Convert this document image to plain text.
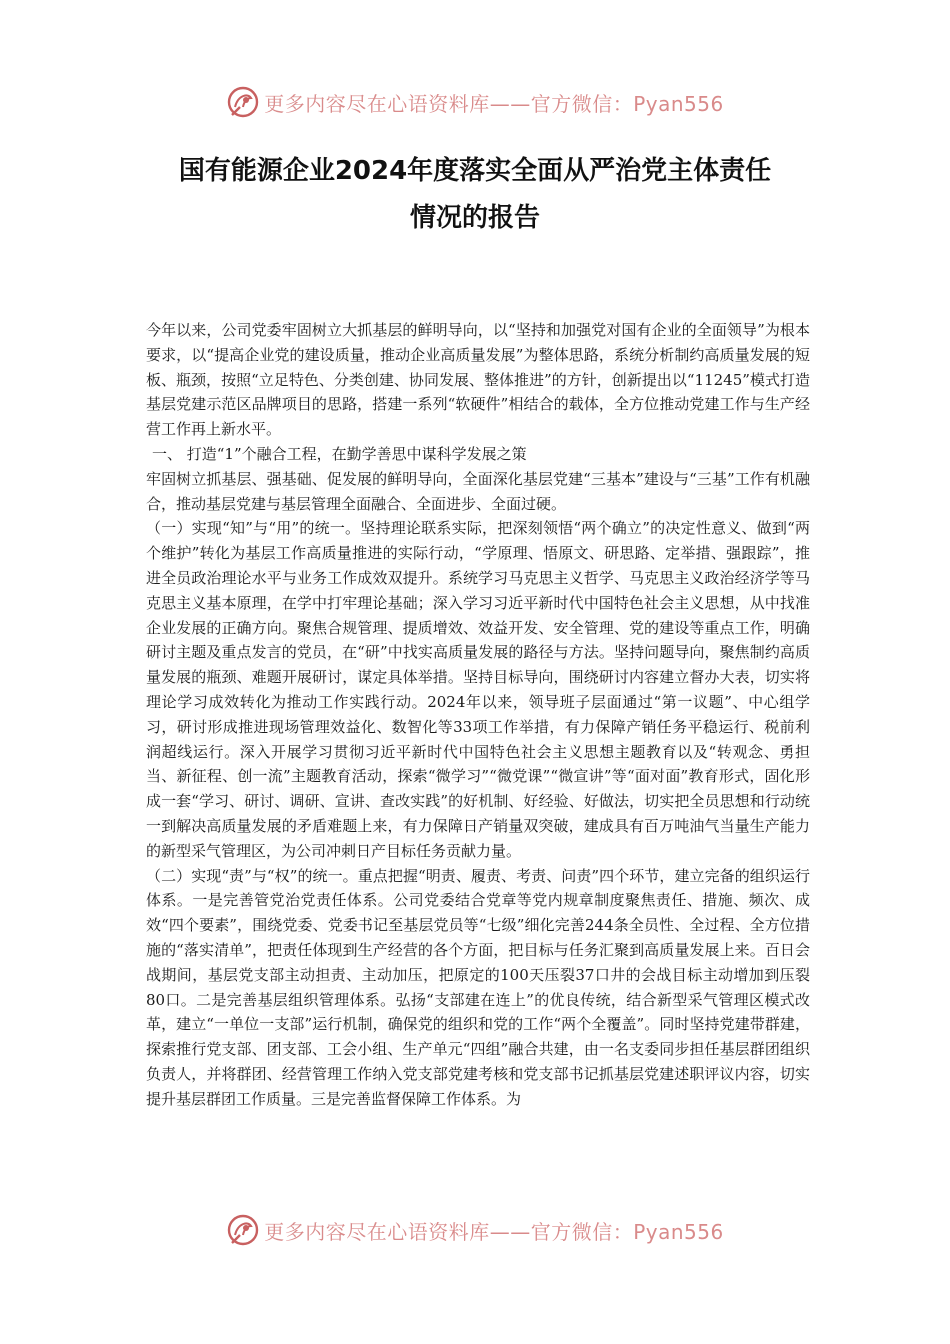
更多内容尽在心语资料库——官方微信：Pyan556
国有能源企业2024年度落实全面从严治党主体责任
情况的报告

今年以来，公司党委牢固树立大抓基层的鲜明导向，以“坚持和加强党对国有企业的全面领导”为根本要求，以“提高企业党的建设质量，推动企业高质量发展”为整体思路，系统分析制约高质量发展的短板、瓶颈，按照“立足特色、分类创建、协同发展、整体推进”的方针，创新提出以“11245”模式打造基层党建示范区品牌项目的思路，搭建一系列“软硬件”相结合的载体，全方位推动党建工作与生产经营工作再上新水平。

一、 打造“1”个融合工程，在勤学善思中谋科学发展之策

牢固树立抓基层、强基础、促发展的鲜明导向，全面深化基层党建“三基本”建设与“三基”工作有机融合，推动基层党建与基层管理全面融合、全面进步、全面过硬。

（一）实现“知”与“用”的统一。坚持理论联系实际，把深刻领悟“两个确立”的决定性意义、做到“两个维护”转化为基层工作高质量推进的实际行动，“学原理、悟原文、研思路、定举措、强跟踪”，推进全员政治理论水平与业务工作成效双提升。系统学习马克思主义哲学、马克思主义政治经济学等马克思主义基本原理，在学中打牢理论基础；深入学习习近平新时代中国特色社会主义思想，从中找准企业发展的正确方向。聚焦合规管理、提质增效、效益开发、安全管理、党的建设等重点工作，明确研讨主题及重点发言的党员，在“研”中找实高质量发展的路径与方法。坚持问题导向，聚焦制约高质量发展的瓶颈、难题开展研讨，谋定具体举措。坚持目标导向，围绕研讨内容建立督办大表，切实将理论学习成效转化为推动工作实践行动。2024年以来，领导班子层面通过“第一议题”、中心组学习，研讨形成推进现场管理效益化、数智化等33项工作举措，有力保障产销任务平稳运行、税前利润超线运行。深入开展学习贯彻习近平新时代中国特色社会主义思想主题教育以及“转观念、勇担当、新征程、创一流”主题教育活动，探索“微学习”“微党课”“微宣讲”等“面对面”教育形式，固化形成一套“学习、研讨、调研、宣讲、查改实践”的好机制、好经验、好做法，切实把全员思想和行动统一到解决高质量发展的矛盾难题上来，有力保障日产销量双突破，建成具有百万吨油气当量生产能力的新型采气管理区，为公司冲刺日产目标任务贡献力量。

（二）实现“责”与“权”的统一。重点把握“明责、履责、考责、问责”四个环节，建立完备的组织运行体系。一是完善管党治党责任体系。公司党委结合党章等党内规章制度聚焦责任、措施、频次、成效“四个要素”，围绕党委、党委书记至基层党员等“七级”细化完善244条全员性、全过程、全方位措施的“落实清单”，把责任体现到生产经营的各个方面，把目标与任务汇聚到高质量发展上来。百日会战期间，基层党支部主动担责、主动加压，把原定的100天压裂37口井的会战目标主动增加到压裂80口。二是完善基层组织管理体系。弘扬“支部建在连上”的优良传统，结合新型采气管理区模式改革，建立“一单位一支部”运行机制，确保党的组织和党的工作“两个全覆盖”。同时坚持党建带群建，探索推行党支部、团支部、工会小组、生产单元“四组”融合共建，由一名支委同步担任基层群团组织负责人，并将群团、经营管理工作纳入党支部党建考核和党支部书记抓基层党建述职评议内容，切实提升基层群团工作质量。三是完善监督保障工作体系。为

更多内容尽在心语资料库——官方微信：Pyan556
